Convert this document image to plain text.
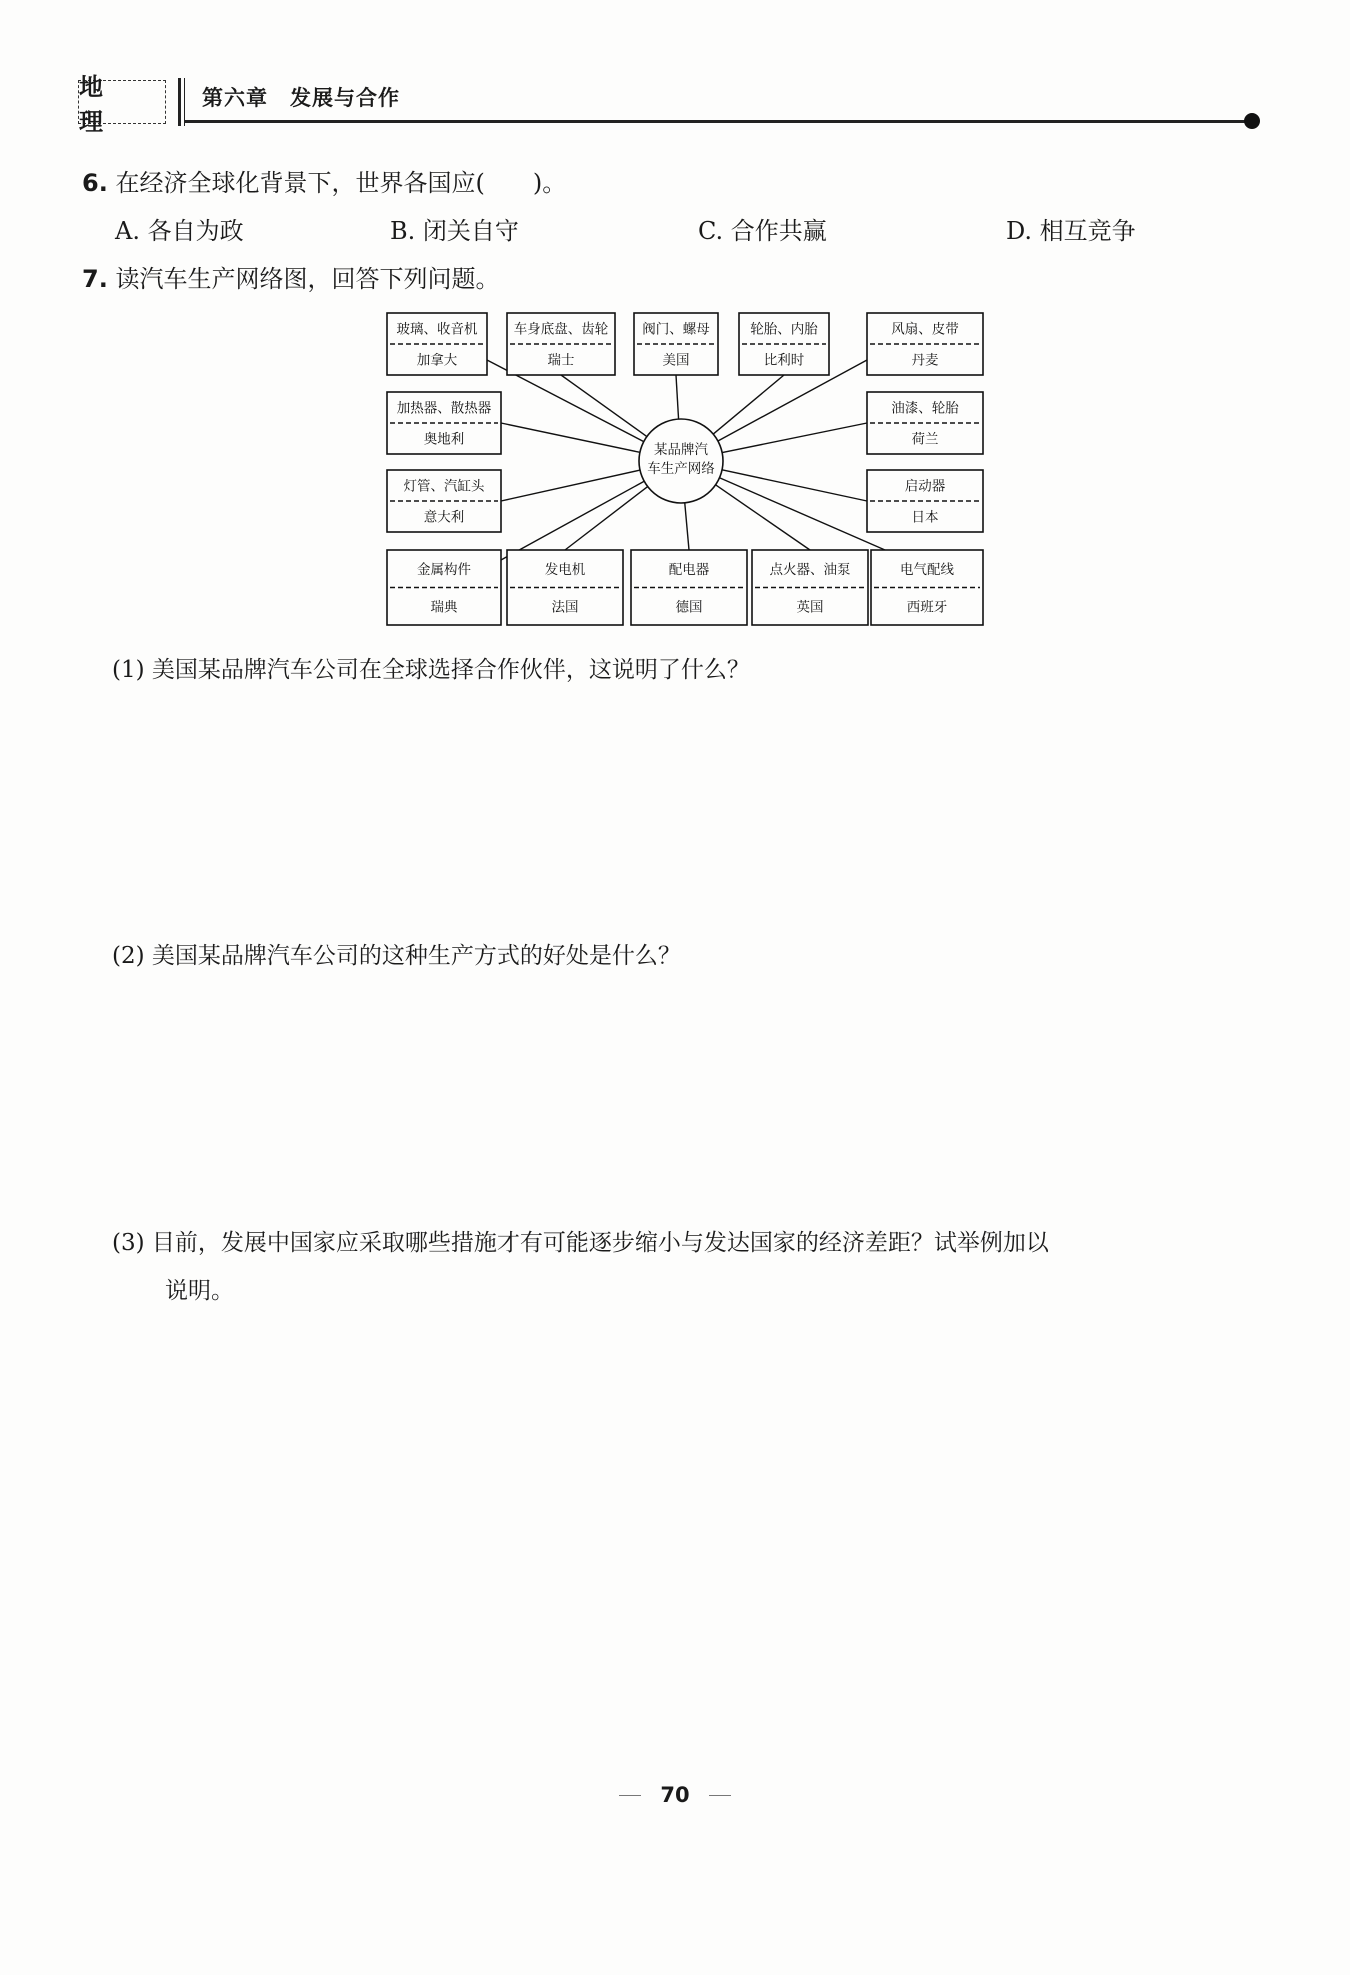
地 理
第六章　发展与合作
6. 在经济全球化背景下，世界各国应(　　)。
A. 各自为政	B. 闭关自守	C. 合作共赢	D. 相互竞争
7. 读汽车生产网络图，回答下列问题。
某品牌汽
车生产网络
玻璃、收音机
加拿大
车身底盘、齿轮
瑞士
阀门、螺母
美国
轮胎、内胎
比利时
风扇、皮带
丹麦
加热器、散热器
奥地利
油漆、轮胎
荷兰
灯管、汽缸头
意大利
启动器
日本
金属构件
瑞典
发电机
法国
配电器
德国
点火器、油泵
英国
电气配线
西班牙
(1) 美国某品牌汽车公司在全球选择合作伙伴，这说明了什么？
(2) 美国某品牌汽车公司的这种生产方式的好处是什么？
(3) 目前，发展中国家应采取哪些措施才有可能逐步缩小与发达国家的经济差距？试举例加以
说明。
70
